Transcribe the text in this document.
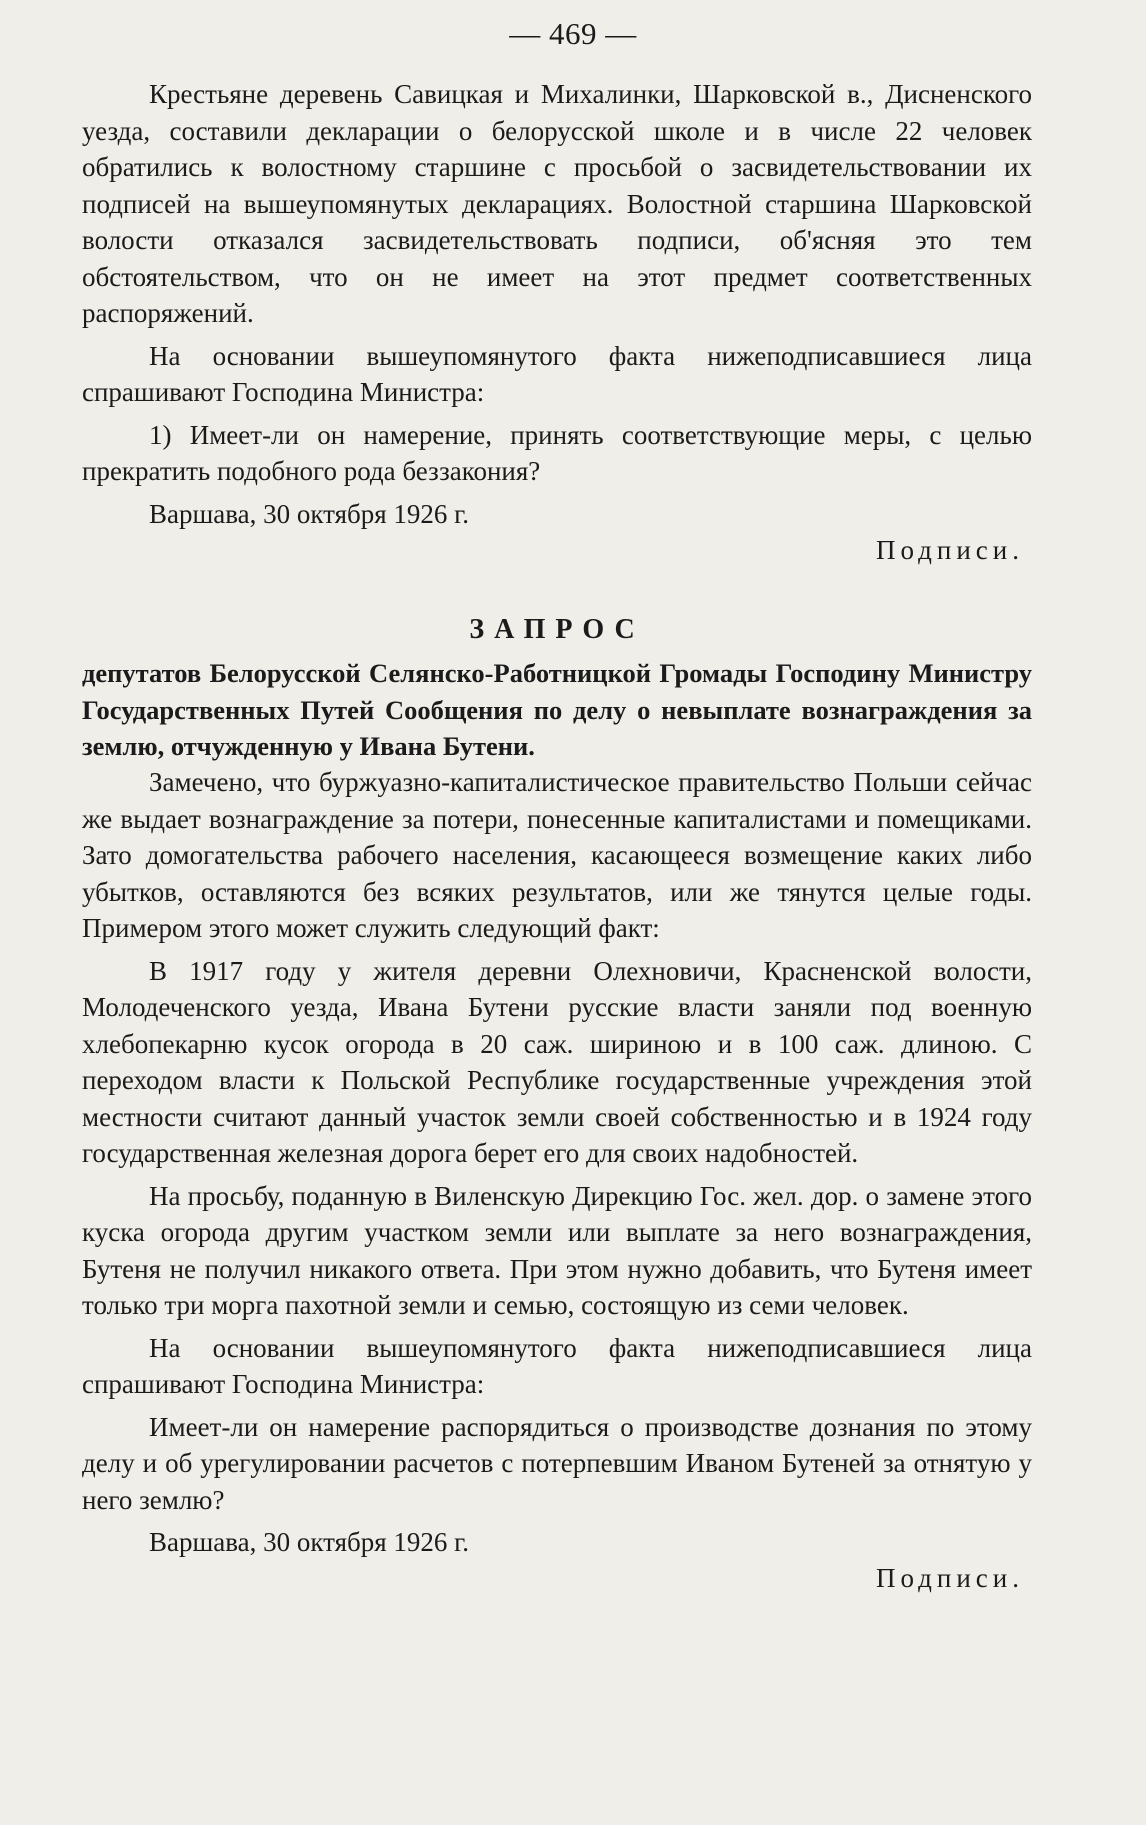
— 469 —

Крестьяне деревень Савицкая и Михалинки, Шарковской в., Дисненского уезда, составили декларации о белорусской школе и в числе 22 человек обратились к волостному старшине с просьбой о засвидетельствовании их подписей на вышеупомянутых декларациях. Волостной старшина Шарковской волости отказался засвидетельствовать подписи, об'ясняя это тем обстоятельством, что он не имеет на этот предмет соответственных распоряжений.

На основании вышеупомянутого факта нижеподписавшиеся лица спрашивают Господина Министра:

1) Имеет-ли он намерение, принять соответствующие меры, с целью прекратить подобного рода беззакония?

Варшава, 30 октября 1926 г.

Подписи.

ЗАПРОС

депутатов Белорусской Селянско-Работницкой Громады Господину Министру Государственных Путей Сообщения по делу о невыплате вознаграждения за землю, отчужденную у Ивана Бутени.

Замечено, что буржуазно-капиталистическое правительство Польши сейчас же выдает вознаграждение за потери, понесенные капиталистами и помещиками. Зато домогательства рабочего населения, касающееся возмещение каких либо убытков, оставляются без всяких результатов, или же тянутся целые годы. Примером этого может служить следующий факт:

В 1917 году у жителя деревни Олехновичи, Красненской волости, Молодеченского уезда, Ивана Бутени русские власти заняли под военную хлебопекарню кусок огорода в 20 саж. шириною и в 100 саж. длиною. С переходом власти к Польской Республике государственные учреждения этой местности считают данный участок земли своей собственностью и в 1924 году государственная железная дорога берет его для своих надобностей.

На просьбу, поданную в Виленскую Дирекцию Гос. жел. дор. о замене этого куска огорода другим участком земли или выплате за него вознаграждения, Бутеня не получил никакого ответа. При этом нужно добавить, что Бутеня имеет только три морга пахотной земли и семью, состоящую из семи человек.

На основании вышеупомянутого факта нижеподписавшиеся лица спрашивают Господина Министра:

Имеет-ли он намерение распорядиться о производстве дознания по этому делу и об урегулировании расчетов с потерпевшим Иваном Бутеней за отнятую у него землю?

Варшава, 30 октября 1926 г.

Подписи.
